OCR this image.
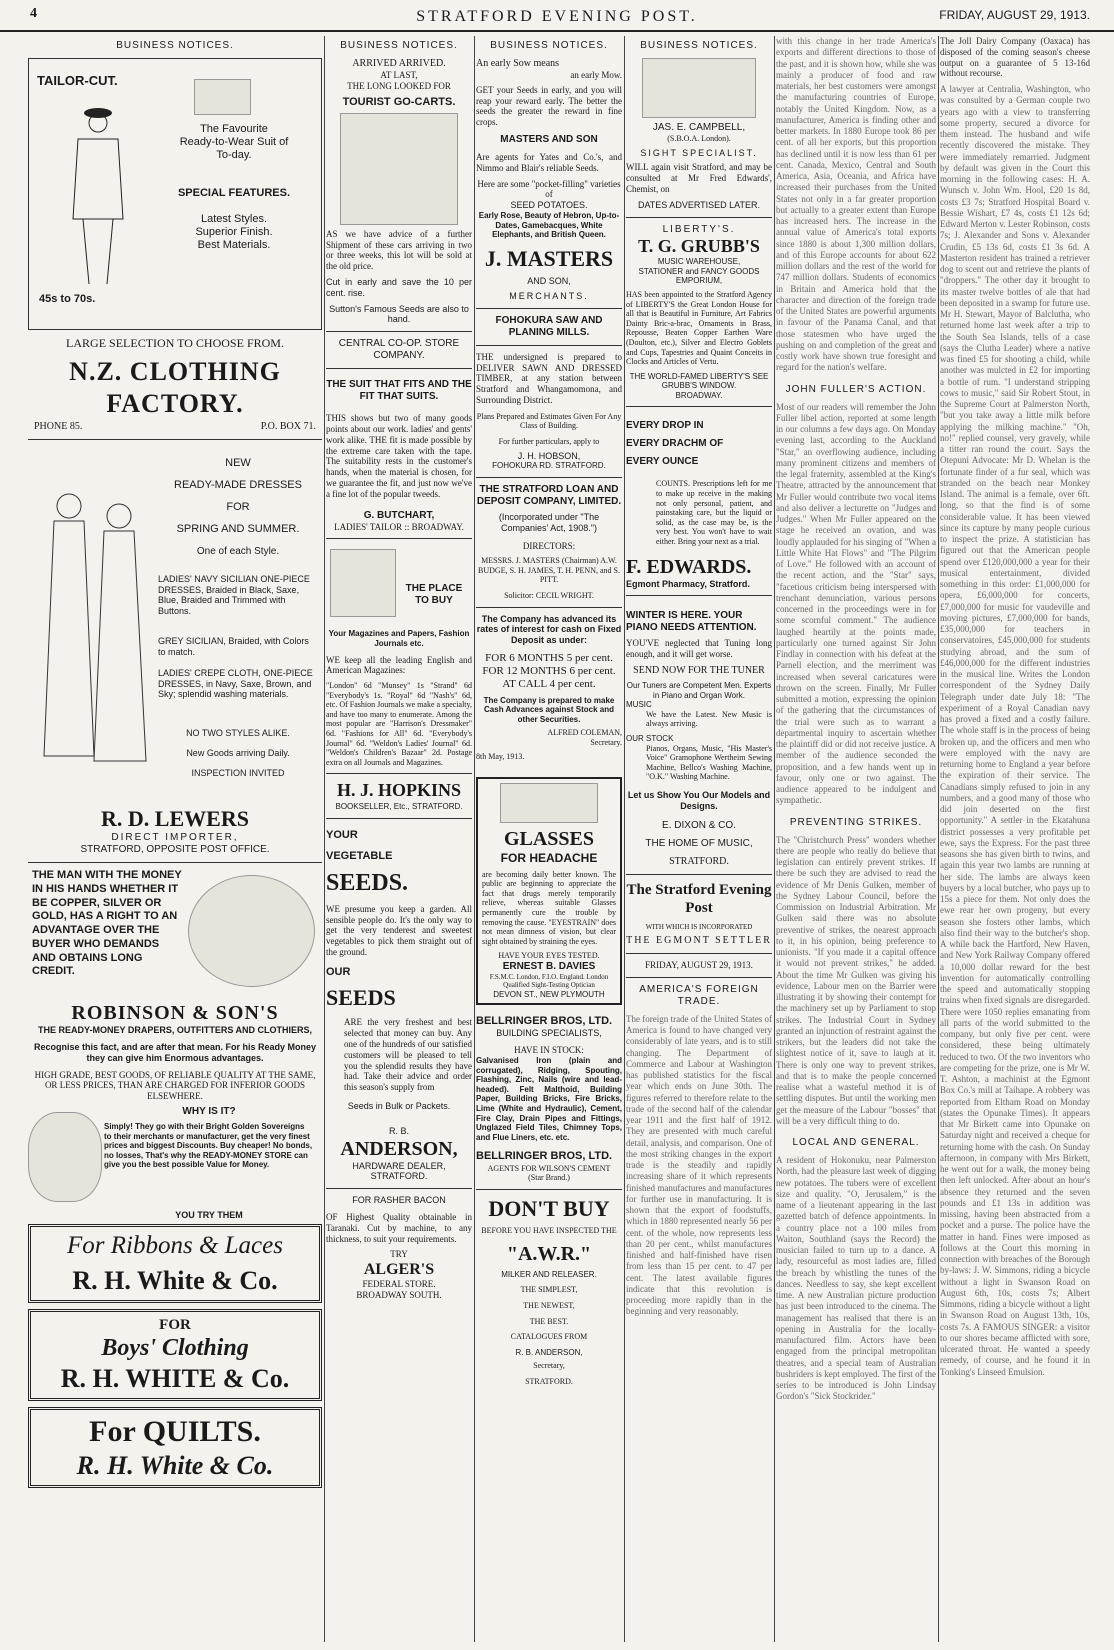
4	STRATFORD EVENING POST.	FRIDAY, AUGUST 29, 1913.
BUSINESS NOTICES.
TAILOR-CUT.
The Favourite
Ready-to-Wear Suit of
To-day.
SPECIAL FEATURES.
Latest Styles.
Superior Finish.
Best Materials.
45s to 70s.
LARGE SELECTION TO CHOOSE FROM.
N.Z. CLOTHING FACTORY.
PHONE 85.	P.O. BOX 71.
NEW
READY-MADE DRESSES
FOR
SPRING AND SUMMER.
One of each Style.
LADIES' NAVY SICILIAN ONE-PIECE DRESSES, Braided in Black, Saxe, Blue, Braided and Trimmed with Buttons.
GREY SICILIAN, Braided, with Colors to match.
LADIES' CREPE CLOTH, ONE-PIECE DRESSES, in Navy, Saxe, Brown, and Sky; splendid washing materials.
NO TWO STYLES ALIKE.
New Goods arriving Daily.
INSPECTION INVITED
R. D. LEWERS
DIRECT IMPORTER,
STRATFORD, OPPOSITE POST OFFICE.
THE MAN WITH THE MONEY IN HIS HANDS WHETHER IT BE COPPER, SILVER OR GOLD, HAS A RIGHT TO AN ADVANTAGE OVER THE BUYER WHO DEMANDS AND OBTAINS LONG CREDIT.
ROBINSON & SON'S
THE READY-MONEY DRAPERS, OUTFITTERS AND CLOTHIERS,
Recognise this fact, and are after that mean. For his Ready Money they can give him Enormous advantages.
HIGH GRADE, BEST GOODS, OF RELIABLE QUALITY AT THE SAME, OR LESS PRICES, THAN ARE CHARGED FOR INFERIOR GOODS ELSEWHERE.
WHY IS IT?
Simply! They go with their Bright Golden Sovereigns to their merchants or manufacturer, get the very finest prices and biggest Discounts. Buy cheaper! No bonds, no losses, That's why the READY-MONEY STORE can give you the best possible Value for Money.
YOU TRY THEM
For Ribbons & Laces
R. H. White & Co.
FOR
Boys' Clothing
R. H. WHITE & Co.
For QUILTS.
R. H. White & Co.
BUSINESS NOTICES.
ARRIVED ARRIVED.
AT LAST,
THE LONG LOOKED FOR
TOURIST GO-CARTS.
AS we have advice of a further Shipment of these cars arriving in two or three weeks, this lot will be sold at the old price.
Cut in early and save the 10 per cent. rise.
Sutton's Famous Seeds are also to hand.
CENTRAL CO-OP. STORE COMPANY.
THE SUIT THAT FITS AND THE FIT THAT SUITS.
THIS shows but two of many goods points about our work. ladies' and gents' work alike. THE fit is made possible by the extreme care taken with the tape. The suitability rests in the customer's hands, when the material is chosen, for we guarantee the fit, and just now we've a fine lot of the popular tweeds.
G. BUTCHART,
LADIES' TAILOR :: BROADWAY.
THE PLACE TO BUY
Your Magazines and Papers, Fashion Journals etc.
WE keep all the leading English and American Magazines:
"London" 6d "Munsey" 1s "Strand" 6d "Everybody's 1s. "Royal" 6d "Nash's" 6d, etc. Of Fashion Journals we make a specialty, and have too many to enumerate. Among the most popular are "Harrison's Dressmaker" 6d. "Fashions for All" 6d. "Everybody's Journal" 6d. "Weldon's Ladies' Journal" 6d. "Weldon's Children's Bazaar" 2d. Postage extra on all Journals and Magazines.
H. J. HOPKINS
BOOKSELLER, Etc., STRATFORD.
YOUR
VEGETABLE
SEEDS.
WE presume you keep a garden. All sensible people do. It's the only way to get the very tenderest and sweetest vegetables to pick them straight out of the ground.
OUR
SEEDS
ARE the very freshest and best selected that money can buy. Any one of the hundreds of our satisfied customers will be pleased to tell you the splendid results they have had. Take their advice and order this season's supply from
Seeds in Bulk or Packets.
R. B.
ANDERSON,
HARDWARE DEALER,
STRATFORD.
FOR RASHER BACON
OF Highest Quality obtainable in Taranaki. Cut by machine, to any thickness, to suit your requirements.
TRY
ALGER'S
FEDERAL STORE.
BROADWAY SOUTH.
BUSINESS NOTICES.
An early Sow means
an early Mow.
GET your Seeds in early, and you will reap your reward early. The better the seeds the greater the reward in fine crops.
MASTERS AND SON
Are agents for Yates and Co.'s, and Nimmo and Blair's reliable Seeds.
Here are some "pocket-filling" varieties of
SEED POTATOES.
Early Rose, Beauty of Hebron, Up-to-Dates, Gamebacques, White Elephants, and British Queen.
J. MASTERS
AND SON,
MERCHANTS.
FOHOKURA SAW AND PLANING MILLS.
THE undersigned is prepared to DELIVER SAWN AND DRESSED TIMBER, at any station between Stratford and Whangamomona, and Surrounding District.
Plans Prepared and Estimates Given For Any Class of Building.
For further particulars, apply to
J. H. HOBSON,
FOHOKURA RD. STRATFORD.
THE STRATFORD LOAN AND DEPOSIT COMPANY, LIMITED.
(Incorporated under "The Companies' Act, 1908.")
DIRECTORS:
MESSRS. J. MASTERS (Chairman) A.W. BUDGE, S. H. JAMES, T. H. PENN, and S. PITT.
Solicitor: CECIL WRIGHT.
The Company has advanced its rates of interest for cash on Fixed Deposit as under:
FOR 6 MONTHS 5 per cent.
FOR 12 MONTHS 6 per cent.
AT CALL 4 per cent.
The Company is prepared to make Cash Advances against Stock and other Securities.
ALFRED COLEMAN,
Secretary.
8th May, 1913.
GLASSES
FOR HEADACHE
are becoming daily better known. The public are beginning to appreciate the fact that drugs merely temporarily relieve, whereas suitable Glasses permanently cure the trouble by removing the cause. "EYESTRAIN" does not mean dimness of vision, but clear sight obtained by straining the eyes.
HAVE YOUR EYES TESTED.
ERNEST B. DAVIES
F.S.M.C. London, F.I.O. England. London Qualified Sight-Testing Optician
DEVON ST., NEW PLYMOUTH
BELLRINGER BROS, LTD.
BUILDING SPECIALISTS,
HAVE IN STOCK:
Galvanised Iron (plain and corrugated), Ridging, Spouting, Flashing, Zinc, Nails (wire and lead-headed). Felt Malthoid, Building Paper, Building Bricks, Fire Bricks, Lime (White and Hydraulic), Cement, Fire Clay, Drain Pipes and Fittings, Unglazed Field Tiles, Chimney Tops, and Flue Liners, etc. etc.
BELLRINGER BROS, LTD.
AGENTS FOR WILSON'S CEMENT
(Star Brand.)
DON'T BUY
BEFORE YOU HAVE INSPECTED THE
"A.W.R."
MILKER AND RELEASER.
THE SIMPLEST,
THE NEWEST,
THE BEST.
CATALOGUES FROM
R. B. ANDERSON,
Secretary,
STRATFORD.
BUSINESS NOTICES.
JAS. E. CAMPBELL,
(S.B.O.A. London).
SIGHT SPECIALIST.
WILL again visit Stratford, and may be consulted at Mr Fred Edwards', Chemist, on
DATES ADVERTISED LATER.
LIBERTY'S.
T. G. GRUBB'S
MUSIC WAREHOUSE,
STATIONER and FANCY GOODS EMPORIUM,
HAS been appointed to the Stratford Agency of LIBERTY'S the Great London House for all that is Beautiful in Furniture, Art Fabrics Dainty Bric-a-brac, Ornaments in Brass, Repousse, Beaten Copper Earthen Ware (Doulton, etc.), Silver and Electro Goblets and Cups, Tapestries and Quaint Conceits in Clocks and Articles of Vertu.
THE WORLD-FAMED LIBERTY'S SEE GRUBB'S WINDOW.
BROADWAY.
EVERY DROP IN
EVERY DRACHM OF
EVERY OUNCE
COUNTS. Prescriptions left for me to make up receive in the making not only personal, patient, and painstaking care, but the liquid or solid, as the case may be, is the very best. You won't have to wait either. Bring your next as a trial.
F. EDWARDS.
Egmont Pharmacy, Stratford.
WINTER IS HERE. YOUR PIANO NEEDS ATTENTION.
YOU'VE neglected that Tuning long enough, and it will get worse.
SEND NOW FOR THE TUNER
Our Tuners are Competent Men. Experts in Piano and Organ Work.
MUSIC
We have the Latest. New Music is always arriving.
OUR STOCK
Pianos, Organs, Music, "His Master's Voice" Gramophone Wertheim Sewing Machine, Bellco's Washing Machine, "O.K." Washing Machine.
Let us Show You Our Models and Designs.
E. DIXON & CO.
THE HOME OF MUSIC,
STRATFORD.
The Stratford Evening Post
WITH WHICH IS INCORPORATED
THE EGMONT SETTLER
FRIDAY, AUGUST 29, 1913.
AMERICA'S FOREIGN TRADE.
The foreign trade of the United States of America is found to have changed very considerably of late years, and is to still changing. The Department of Commerce and Labour at Washington has published statistics for the fiscal year which ends on June 30th. The figures referred to therefore relate to the trade of the second half of the calendar year 1911 and the first half of 1912. They are presented with much careful detail, analysis, and comparison. One of the most striking changes in the export trade is the steadily and rapidly increasing share of it which represents finished manufactures and manufactures for further use in manufacturing. It is shown that the export of foodstuffs, which in 1880 represented nearly 56 per cent. of the whole, now represents less than 20 per cent., whilst manufactures finished and half-finished have risen from less than 15 per cent. to 47 per cent. The latest available figures indicate that this revolution is proceeding more rapidly than in the beginning and very reasonably.
with this change in her trade America's exports and different directions to those of the past, and it is shown how, while she was mainly a producer of food and raw materials, her best customers were amongst the manufacturing countries of Europe, notably the United Kingdom. Now, as a manufacturer, America is finding other and better markets. In 1880 Europe took 86 per cent. of all her exports, but this proportion has declined until it is now less than 61 per cent. Canada, Mexico, Central and South America, Asia, Oceania, and Africa have increased their purchases from the United States not only in a far greater proportion but actually to a greater extent than Europe has increased hers. The increase in the annual value of America's total exports since 1880 is about 1,300 million dollars, and of this Europe accounts for about 622 million dollars and the rest of the world for 747 million dollars. Students of economics in Britain and America hold that the character and direction of the foreign trade of the United States are powerful arguments in favour of the Panama Canal, and that those statesmen who have urged the pushing on and completion of the great and costly work have shown true foresight and regard for the nation's welfare.
JOHN FULLER'S ACTION.
Most of our readers will remember the John Fuller libel action, reported at some length in our columns a few days ago. On Monday evening last, according to the Auckland "Star," an overflowing audience, including many prominent citizens and members of the legal fraternity, assembled at the King's Theatre, attracted by the announcement that Mr Fuller would contribute two vocal items and also deliver a lecturette on "Judges and Judges." When Mr Fuller appeared on the stage he received an ovation, and was loudly applauded for his singing of "When a Little White Hat Flows" and "The Pilgrim of Love." He followed with an account of the recent action, and the "Star" says, "facetious criticism being interspersed with trenchant denunciation, various persons concerned in the proceedings were in for some scornful comment." The audience laughed heartily at the points made, particularly one turned against Sir John Findlay in connection with his defeat at the Parnell election, and the merriment was increased when several caricatures were thrown on the screen. Finally, Mr Fuller submitted a motion, expressing the opinion of the gathering that the circumstances of the trial were such as to warrant a departmental inquiry to ascertain whether the plaintiff did or did not receive justice. A member of the audience seconded the proposition, and a few hands went up in favour, only one or two against. The audience appeared to be indulgent and sympathetic.
PREVENTING STRIKES.
The "Christchurch Press" wonders whether there are people who really do believe that legislation can entirely prevent strikes. If there be such they are advised to read the evidence of Mr Denis Gulken, member of the Sydney Labour Council, before the Commission on Industrial Arbitration. Mr Gulken said there was no absolute preventive of strikes, the nearest approach to it, in his opinion, being preference to unionists. "If you made it a capital offence it would not prevent strikes," he added. About the time Mr Gulken was giving his evidence, Labour men on the Barrier were illustrating it by showing their contempt for the machinery set up by Parliament to stop strikes. The Industrial Court in Sydney granted an injunction of restraint against the strikers, but the leaders did not take the slightest notice of it, save to laugh at it. There is only one way to prevent strikes, and that is to make the people concerned realise what a wasteful method it is of settling disputes. But until the working men get the measure of the Labour "bosses" that will be a very difficult thing to do.
LOCAL AND GENERAL.
A resident of Hokonuku, near Palmerston North, had the pleasure last week of digging new potatoes. The tubers were of excellent size and quality. "O, Jerusalem," is the name of a lieutenant appearing in the last gazetted batch of defence appointments. In a country place not a 100 miles from Waiton, Southland (says the Record) the musician failed to turn up to a dance. A lady, resourceful as most ladies are, filled the breach by whistling the tunes of the dances. Needless to say, she kept excellent time. A new Australian picture production has just been introduced to the cinema. The management has realised that there is an opening in Australia for the locally-manufactured film. Actors have been engaged from the principal metropolitan theatres, and a special team of Australian bushriders is kept employed. The first of the series to be introduced is John Lindsay Gordon's "Sick Stockrider."
The Joll Dairy Company (Oaxaca) has disposed of the coming season's cheese output on a guarantee of 5 13-16d without recourse.
A lawyer at Centralia, Washington, who was consulted by a German couple two years ago with a view to transferring some property, secured a divorce for them instead. The husband and wife recently discovered the mistake. They were immediately remarried. Judgment by default was given in the Court this morning in the following cases: H. A. Wunsch v. John Wm. Hool, £20 1s 8d, costs £3 7s; Stratford Hospital Board v. Bessie Wishart, £7 4s, costs £1 12s 6d; Edward Merton v. Lester Robinson, costs 7s; J. Alexander and Sons v. Alexander Crudin, £5 13s 6d, costs £1 3s 6d. A Masterton resident has trained a retriever dog to scent out and retrieve the plants of "droppers." The other day it brought to its master twelve bottles of ale that had been deposited in a swamp for future use. Mr H. Stewart, Mayor of Balclutha, who returned home last week after a trip to the South Sea Islands, tells of a case (says the Clutha Leader) where a native was fined £5 for shooting a child, while another was mulcted in £2 for importing a bottle of rum. "I understand stripping cows to music," said Sir Robert Stout, in the Supreme Court at Palmerston North, "but you take away a little milk before applying the milking machine." "Oh, no!" replied counsel, very gravely, while a titter ran round the court. Says the Otepuni Advocate: Mr D. Whelan is the fortunate finder of a fur seal, which was stranded on the beach near Monkey Island. The animal is a female, over 6ft. long, so that the find is of some considerable value. It has been viewed since its capture by many people curious to inspect the prize. A statistician has figured out that the American people spend over £120,000,000 a year for their musical entertainment, divided something in this order: £1,000,000 for opera, £6,000,000 for concerts, £7,000,000 for music for vaudeville and moving pictures, £7,000,000 for bands, £35,000,000 for teachers in conservatoires, £45,000,000 for students studying abroad, and the sum of £46,000,000 for the different industries in the musical line. Writes the London correspondent of the Sydney Daily Telegraph under date July 18: "The experiment of a Royal Canadian navy has proved a fixed and a costly failure. The whole staff is in the process of being broken up, and the officers and men who were employed with the navy are returning home to England a year before the expiration of their service. The Canadians simply refused to join in any numbers, and a good many of those who did join deserted on the first opportunity." A settler in the Ekatahuna district possesses a very profitable pet ewe, says the Express. For the past three seasons she has given birth to twins, and again this year two lambs are running at her side. The lambs are always keen buyers by a local butcher, who pays up to 15s a piece for them. Not only does the ewe rear her own progeny, but every season she fosters other lambs, which also find their way to the butcher's shop. A while back the Hartford, New Haven, and New York Railway Company offered a 10,000 dollar reward for the best invention for automatically controlling the speed and automatically stopping trains when fixed signals are disregarded. There were 1050 replies emanating from all parts of the world submitted to the company, but only five per cent. were considered, these being ultimately reduced to two. Of the two inventors who are competing for the prize, one is Mr W. T. Ashton, a machinist at the Egmont Box Co.'s mill at Taihape. A robbery was reported from Eltham Road on Monday (states the Opunake Times). It appears that Mr Birkett came into Opunake on Saturday night and received a cheque for returning home with the cash. On Sunday afternoon, in company with Mrs Birkett, he went out for a walk, the money being then left unlocked. After about an hour's absence they returned and the seven pounds and £1 13s in addition was missing, having been abstracted from a pocket and a purse. The police have the matter in hand. Fines were imposed as follows at the Court this morning in connection with breaches of the Borough by-laws: J. W. Simmons, riding a bicycle without a light in Swanson Road on August 6th, 10s, costs 7s; Albert Simmons, riding a bicycle without a light in Swanson Road on August 13th, 10s, costs 7s. A FAMOUS SINGER: a visitor to our shores became afflicted with sore, ulcerated throat. He wanted a speedy remedy, of course, and he found it in Tonking's Linseed Emulsion.
